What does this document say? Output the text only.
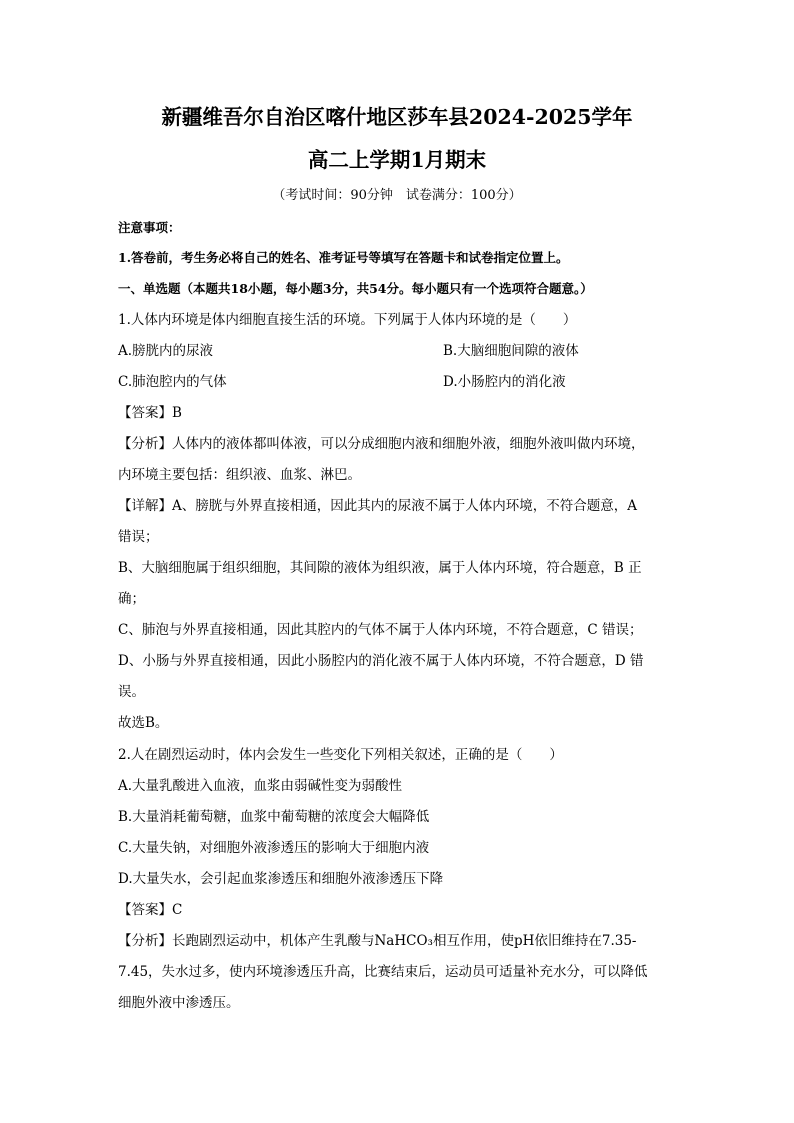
新疆维吾尔自治区喀什地区莎车县2024-2025学年
高二上学期1月期末
（考试时间：90分钟　试卷满分：100分）
注意事项：
1.答卷前，考生务必将自己的姓名、准考证号等填写在答题卡和试卷指定位置上。
一、单选题（本题共18小题，每小题3分，共54分。每小题只有一个选项符合题意。）
1.人体内环境是体内细胞直接生活的环境。下列属于人体内环境的是（　　）
A.膀胱内的尿液	B.大脑细胞间隙的液体
C.肺泡腔内的气体	D.小肠腔内的消化液
【答案】B
【分析】人体内的液体都叫体液，可以分成细胞内液和细胞外液，细胞外液叫做内环境，
内环境主要包括：组织液、血浆、淋巴。
【详解】A、膀胱与外界直接相通，因此其内的尿液不属于人体内环境，不符合题意，A
错误；
B、大脑细胞属于组织细胞，其间隙的液体为组织液，属于人体内环境，符合题意，B 正
确；
C、肺泡与外界直接相通，因此其腔内的气体不属于人体内环境，不符合题意，C 错误；
D、小肠与外界直接相通，因此小肠腔内的消化液不属于人体内环境，不符合题意，D 错
误。
故选B。
2.人在剧烈运动时，体内会发生一些变化下列相关叙述，正确的是（　　）
A.大量乳酸进入血液，血浆由弱碱性变为弱酸性
B.大量消耗葡萄糖，血浆中葡萄糖的浓度会大幅降低
C.大量失钠，对细胞外液渗透压的影响大于细胞内液
D.大量失水，会引起血浆渗透压和细胞外液渗透压下降
【答案】C
【分析】长跑剧烈运动中，机体产生乳酸与NaHCO₃相互作用，使pH依旧维持在7.35-
7.45，失水过多，使内环境渗透压升高，比赛结束后，运动员可适量补充水分，可以降低
细胞外液中渗透压。
